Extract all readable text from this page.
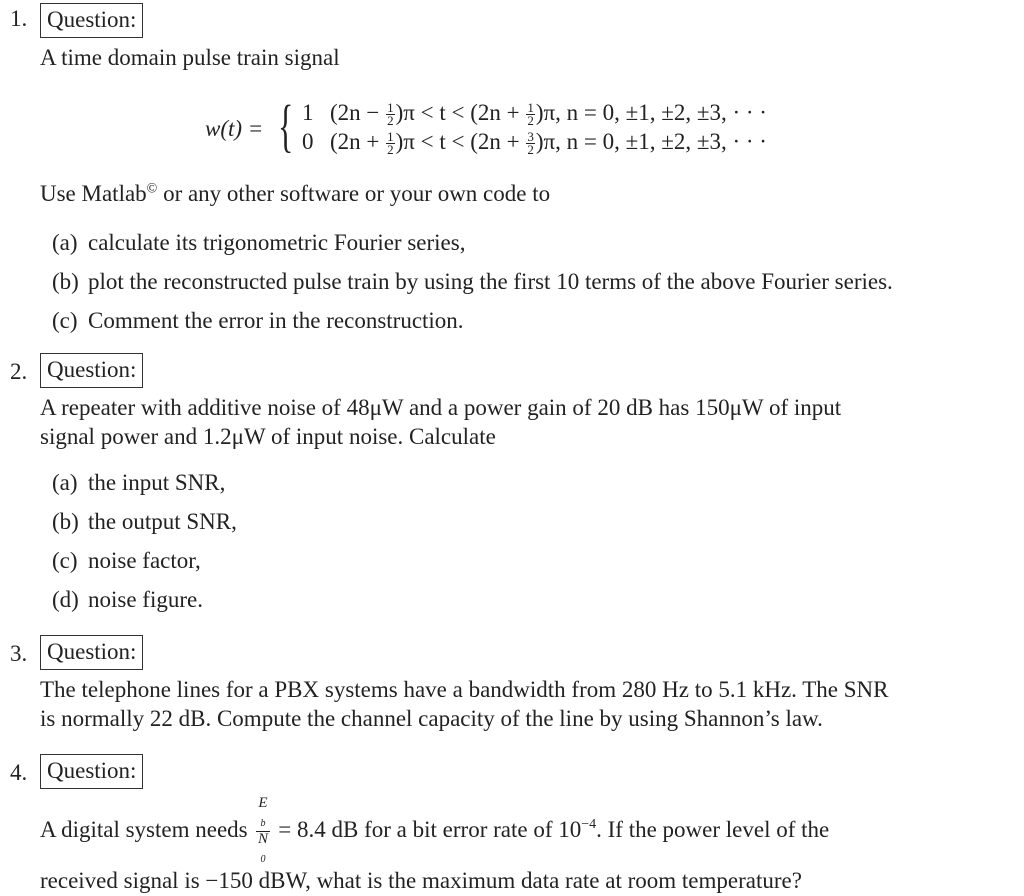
1. Question:
A time domain pulse train signal
w(t) = { 1 $(2n - \frac{1}{2} )\pi < t < (2n + \frac{1}{2} )\pi$, n = 0, ±1, ±2, ±3, · · ·
0 $(2n + \frac{1}{2} )\pi < t < (2n + \frac{3}{2} )\pi$, n = 0, ±1, ±2, ±3, · · ·
Use Matlab© or any other software or your own code to
(a) calculate its trigonometric Fourier series,
(b) plot the reconstructed pulse train by using the first 10 terms of the above Fourier series.
(c) Comment the error in the reconstruction.
2. Question:
A repeater with additive noise of 48μW and a power gain of 20 dB has 150μW of input
signal power and 1.2μW of input noise. Calculate
(a) the input SNR,
(b) the output SNR,
(c) noise factor,
(d) noise figure.
3. Question:
The telephone lines for a PBX systems have a bandwidth from 280 Hz to 5.1 kHz. The SNR
is normally 22 dB. Compute the channel capacity of the line by using Shannon’s law.
4. Question:
A digital system needs E
$_b$
N
$_0$ = 8.4 dB for a bit error rate of $10^{-4}$. If the power level of the
received signal is −150 dBW, what is the maximum data rate at room temperature?
